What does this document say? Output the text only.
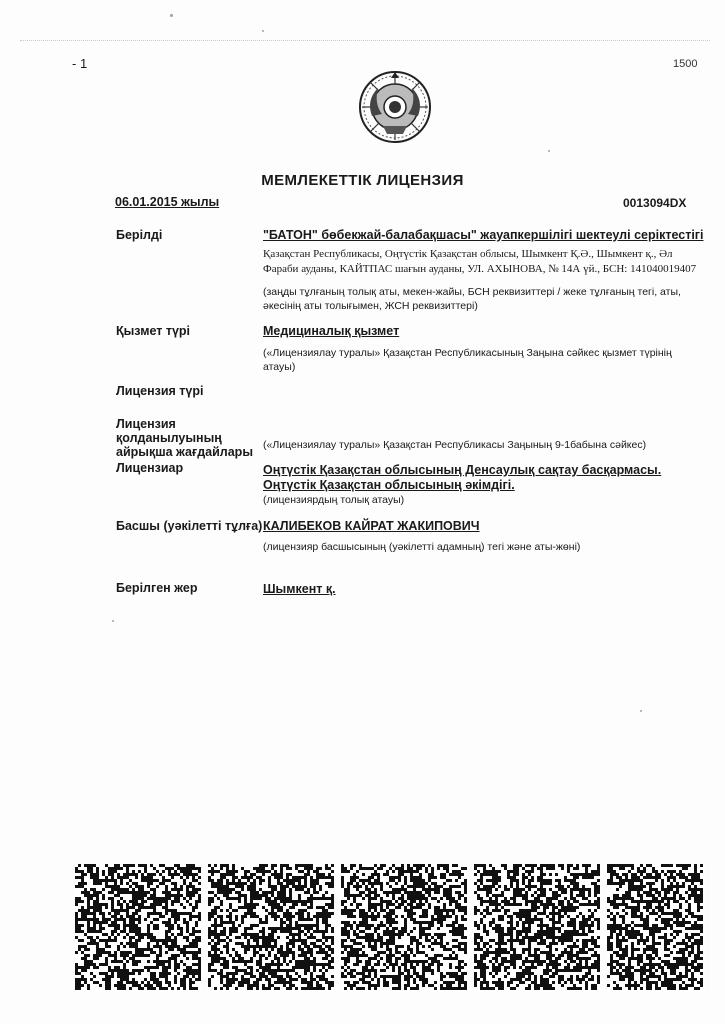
- 1	1500
МЕМЛЕКЕТТІК ЛИЦЕНЗИЯ
06.01.2015 жылы	0013094DX
Берілді	"БАТОН" бөбекжай-балабақшасы" жауапкершілігі шектеулі серіктестігі
Қазақстан Республикасы, Оңтүстік Қазақстан облысы, Шымкент Қ.Ә., Шымкент қ., Әл
Фараби ауданы, КАЙТПАС шағын ауданы, УЛ. АХЫНОВА, № 14А үй., БСН: 141040019407
(заңды тұлғаның толық аты, мекен-жайы, БСН реквизиттері / жеке тұлғаның тегі, аты,
әкесінің аты толығымен, ЖСН реквизиттері)
Қызмет түрі	Медициналық қызмет
(«Лицензиялау туралы» Қазақстан Республикасының Заңына сәйкес қызмет түрінің
атауы)
Лицензия түрі
Лицензия
қолданылуының
айрықша жағдайлары («Лицензиялау туралы» Қазақстан Республикасы Заңының 9-1бабына сәйкес)
Лицензиар	Оңтүстік Қазақстан облысының Денсаулық сақтау басқармасы.
Оңтүстік Қазақстан облысының әкімдігі.
(лицензиярдың толық атауы)
Басшы (уәкілетті тұлға) КАЛИБЕКОВ КАЙРАТ ЖАКИПОВИЧ
(лицензияр басшысының (уәкілетті адамның) тегі және аты-жөні)
Берілген жер	Шымкент қ.
